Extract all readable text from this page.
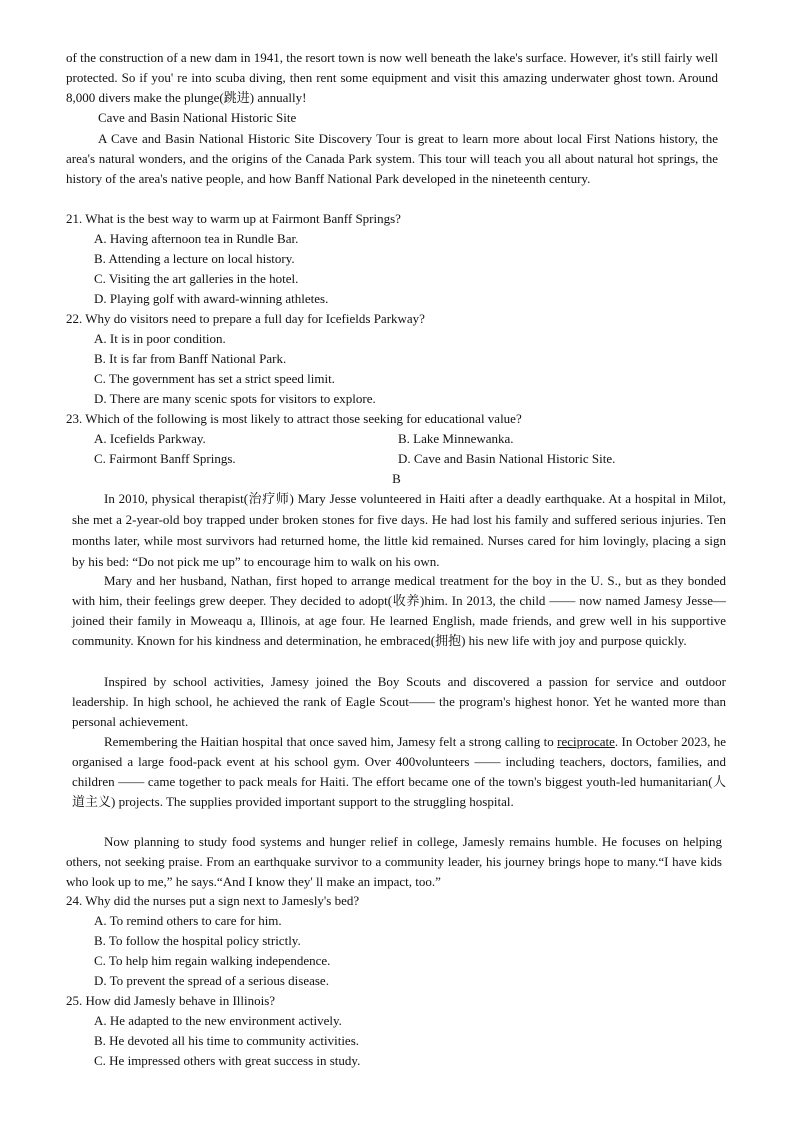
of the construction of a new dam in 1941, the resort town is now well beneath the lake's surface. However, it's still fairly well protected. So if you' re into scuba diving, then rent some equipment and visit this amazing underwater ghost town. Around 8,000 divers make the plunge(跳进) annually!

Cave and Basin National Historic Site

A Cave and Basin National Historic Site Discovery Tour is great to learn more about local First Nations history, the area's natural wonders, and the origins of the Canada Park system. This tour will teach you all about natural hot springs, the history of the area's native people, and how Banff National Park developed in the nineteenth century.

21. What is the best way to warm up at Fairmont Banff Springs?

A. Having afternoon tea in Rundle Bar.

B. Attending a lecture on local history.

C. Visiting the art galleries in the hotel.

D. Playing golf with award-winning athletes.

22. Why do visitors need to prepare a full day for Icefields Parkway?

A. It is in poor condition.

B. It is far from Banff National Park.

C. The government has set a strict speed limit.

D. There are many scenic spots for visitors to explore.

23. Which of the following is most likely to attract those seeking for educational value?

A. Icefields Parkway.	B. Lake Minnewanka.

C. Fairmont Banff Springs.	D. Cave and Basin National Historic Site.

B

In 2010, physical therapist(治疗师) Mary Jesse volunteered in Haiti after a deadly earthquake. At a hospital in Milot, she met a 2-year-old boy trapped under broken stones for five days. He had lost his family and suffered serious injuries. Ten months later, while most survivors had returned home, the little kid remained. Nurses cared for him lovingly, placing a sign by his bed: “Do not pick me up” to encourage him to walk on his own.

Mary and her husband, Nathan, first hoped to arrange medical treatment for the boy in the U. S., but as they bonded with him, their feelings grew deeper. They decided to adopt(收养)him. In 2013, the child —— now named Jamesy Jesse— joined their family in Moweaqu a, Illinois, at age four. He learned English, made friends, and grew well in his supportive community. Known for his kindness and determination, he embraced(拥抱) his new life with joy and purpose quickly.

Inspired by school activities, Jamesy joined the Boy Scouts and discovered a passion for service and outdoor leadership. In high school, he achieved the rank of Eagle Scout—— the program's highest honor. Yet he wanted more than personal achievement.

Remembering the Haitian hospital that once saved him, Jamesy felt a strong calling to reciprocate. In October 2023, he organised a large food-pack event at his school gym. Over 400volunteers —— including teachers, doctors, families, and children —— came together to pack meals for Haiti. The effort became one of the town's biggest youth-led humanitarian(人道主义) projects. The supplies provided important support to the struggling hospital.

Now planning to study food systems and hunger relief in college, Jamesly remains humble. He focuses on helping others, not seeking praise. From an earthquake survivor to a community leader, his journey brings hope to many.“I have kids who look up to me,” he says.“And I know they' ll make an impact, too.”

24. Why did the nurses put a sign next to Jamesly's bed?

A. To remind others to care for him.

B. To follow the hospital policy strictly.

C. To help him regain walking independence.

D. To prevent the spread of a serious disease.

25. How did Jamesly behave in Illinois?

A. He adapted to the new environment actively.

B. He devoted all his time to community activities.

C. He impressed others with great success in study.
